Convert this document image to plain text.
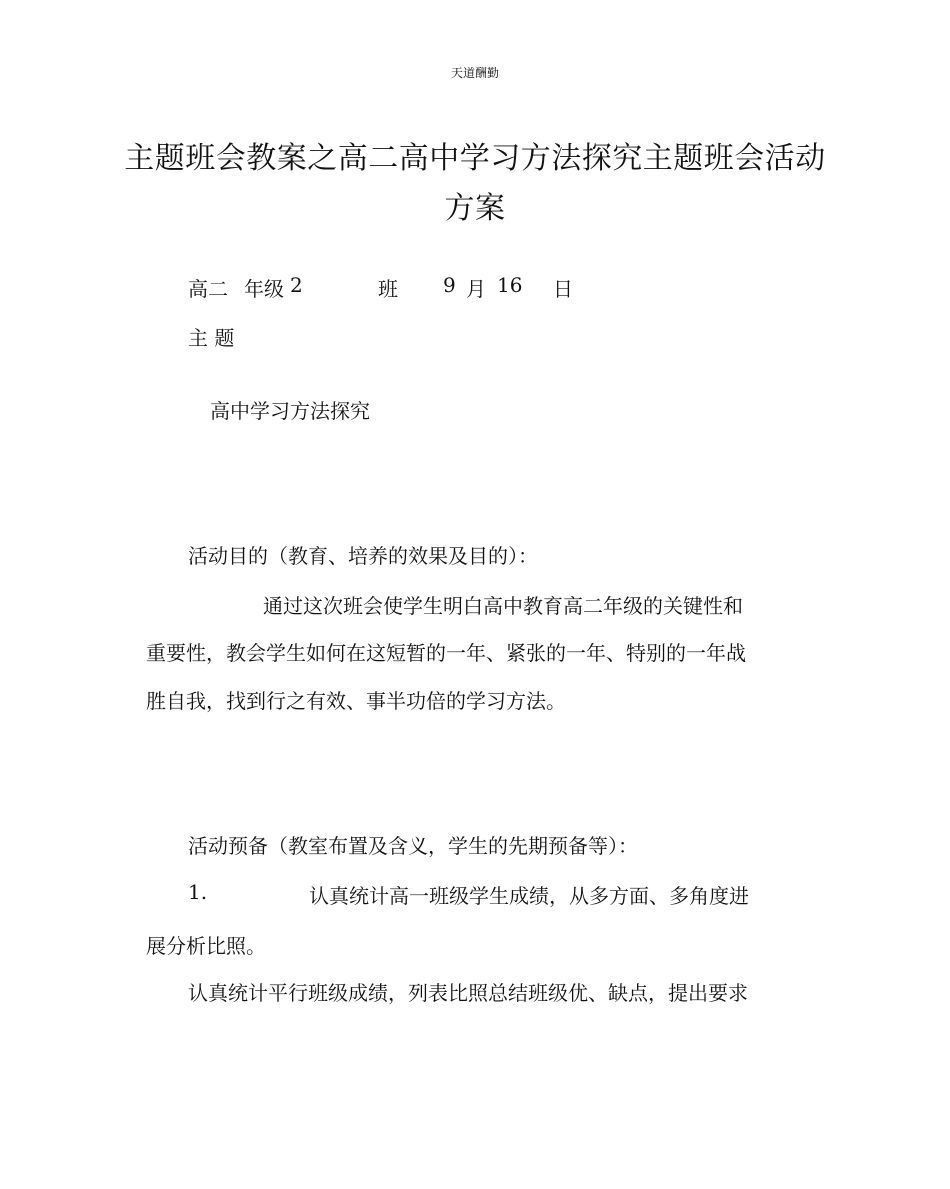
天道酬勤
主题班会教案之高二高中学习方法探究主题班会活动
方案
高二 年级 2	班 9 月 16 日
主 题
高中学习方法探究
活动目的（教育、培养的效果及目的）：
通过这次班会使学生明白高中教育高二年级的关键性和
重要性，教会学生如何在这短暂的一年、紧张的一年、特别的一年战
胜自我，找到行之有效、事半功倍的学习方法。
活动预备（教室布置及含义，学生的先期预备等）：
1.	认真统计高一班级学生成绩，从多方面、多角度进
展分析比照。
认真统计平行班级成绩，列表比照总结班级优、缺点，提出要求
